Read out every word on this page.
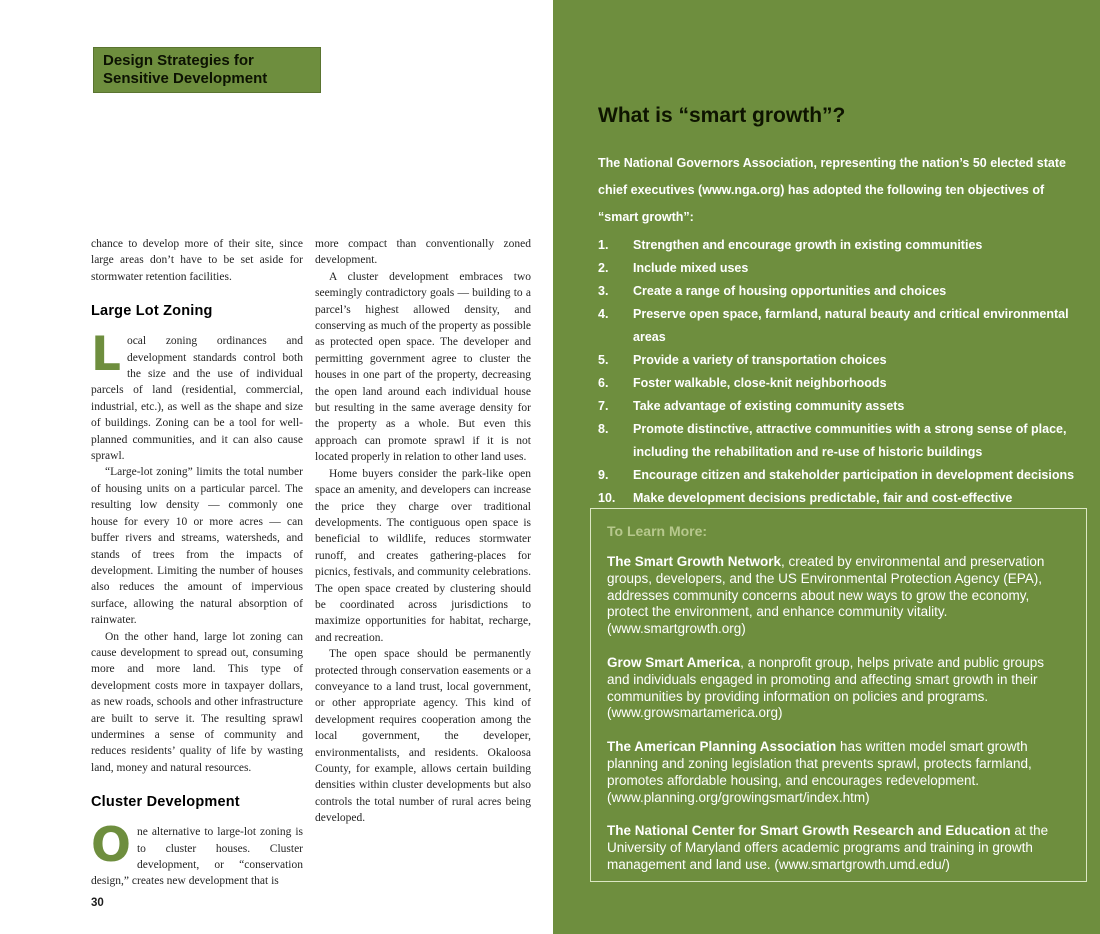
Design Strategies for
Sensitive Development

chance to develop more of their site, since large areas don’t have to be set aside for stormwater retention facilities.

Large Lot Zoning

Local zoning ordinances and development standards control both the size and the use of individual parcels of land (residential, commercial, industrial, etc.), as well as the shape and size of buildings. Zoning can be a tool for well-planned communities, and it can also cause sprawl.

“Large-lot zoning” limits the total number of housing units on a particular parcel. The resulting low density — commonly one house for every 10 or more acres — can buffer rivers and streams, watersheds, and stands of trees from the impacts of development. Limiting the number of houses also reduces the amount of impervious surface, allowing the natural absorption of rainwater.

On the other hand, large lot zoning can cause development to spread out, consuming more and more land. This type of development costs more in taxpayer dollars, as new roads, schools and other infrastructure are built to serve it. The resulting sprawl undermines a sense of community and reduces residents’ quality of life by wasting land, money and natural resources.

Cluster Development

One alternative to large-lot zoning is to cluster houses. Cluster development, or “conservation design,” creates new development that is

more compact than conventionally zoned development.

A cluster development embraces two seemingly contradictory goals — building to a parcel’s highest allowed density, and conserving as much of the property as possible as protected open space. The developer and permitting government agree to cluster the houses in one part of the property, decreasing the open land around each individual house but resulting in the same average density for the property as a whole. But even this approach can promote sprawl if it is not located properly in relation to other land uses.

Home buyers consider the park-like open space an amenity, and developers can increase the price they charge over traditional developments. The contiguous open space is beneficial to wildlife, reduces stormwater runoff, and creates gathering-places for picnics, festivals, and community celebrations. The open space created by clustering should be coordinated across jurisdictions to maximize opportunities for habitat, recharge, and recreation.

The open space should be permanently protected through conservation easements or a conveyance to a land trust, local government, or other appropriate agency. This kind of development requires cooperation among the local government, the developer, environmentalists, and residents. Okaloosa County, for example, allows certain building densities within cluster developments but also controls the total number of rural acres being developed.

30
What is “smart growth”?

The National Governors Association, representing the nation’s 50 elected state chief executives (www.nga.org) has adopted the following ten objectives of “smart growth”:

1.	Strengthen and encourage growth in existing communities
2.	Include mixed uses
3.	Create a range of housing opportunities and choices
4.	Preserve open space, farmland, natural beauty and critical environmental areas
5.	Provide a variety of transportation choices
6.	Foster walkable, close-knit neighborhoods
7.	Take advantage of existing community assets
8.	Promote distinctive, attractive communities with a strong sense of place, including the rehabilitation and re-use of historic buildings
9.	Encourage citizen and stakeholder participation in development decisions
10.	Make development decisions predictable, fair and cost-effective

To Learn More:

The Smart Growth Network, created by environmental and preservation groups, developers, and the US Environmental Protection Agency (EPA), addresses community concerns about new ways to grow the economy, protect the environment, and enhance community vitality. (www.smartgrowth.org)

Grow Smart America, a nonprofit group, helps private and public groups and individuals engaged in promoting and affecting smart growth in their communities by providing information on policies and programs. (www.growsmartamerica.org)

The American Planning Association has written model smart growth planning and zoning legislation that prevents sprawl, protects farmland, promotes affordable housing, and encourages redevelopment. (www.planning.org/growingsmart/index.htm)

The National Center for Smart Growth Research and Education at the University of Maryland offers academic programs and training in growth management and land use. (www.smartgrowth.umd.edu/)
